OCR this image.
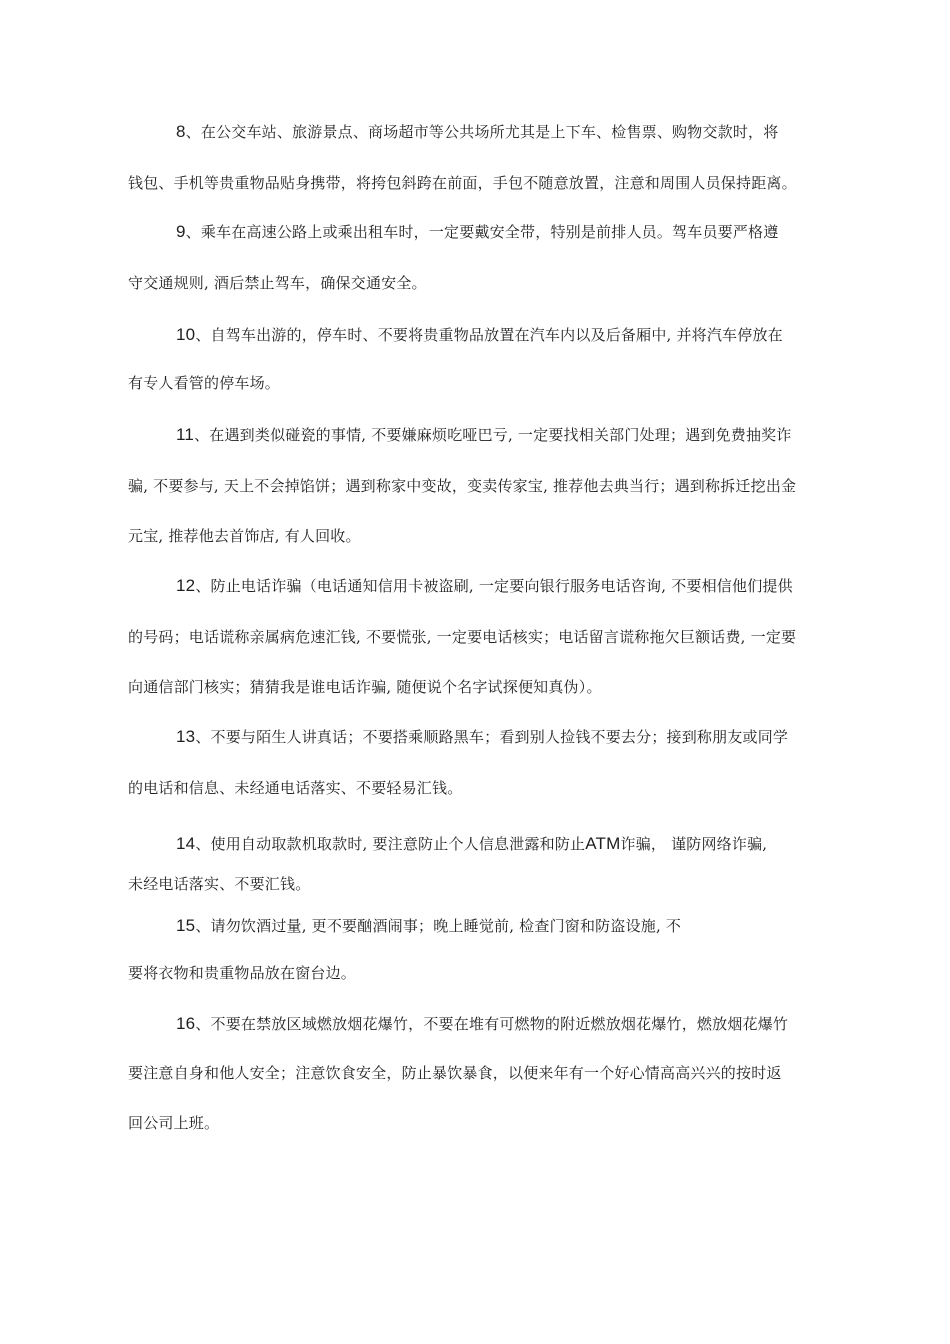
8、在公交车站、旅游景点、商场超市等公共场所尤其是上下车、检售票、购物交款时，将
钱包、手机等贵重物品贴身携带，将挎包斜跨在前面，手包不随意放置，注意和周围人员保持距离。
9、乘车在高速公路上或乘出租车时，一定要戴安全带，特别是前排人员。驾车员要严格遵
守交通规则, 酒后禁止驾车，确保交通安全。
10、自驾车出游的，停车时、不要将贵重物品放置在汽车内以及后备厢中, 并将汽车停放在
有专人看管的停车场。
11、在遇到类似碰瓷的事情, 不要嫌麻烦吃哑巴亏, 一定要找相关部门处理；遇到免费抽奖诈
骗, 不要参与, 天上不会掉馅饼；遇到称家中变故，变卖传家宝, 推荐他去典当行；遇到称拆迁挖出金
元宝, 推荐他去首饰店, 有人回收。
12、防止电话诈骗（电话通知信用卡被盗刷, 一定要向银行服务电话咨询, 不要相信他们提供
的号码；电话谎称亲属病危速汇钱, 不要慌张, 一定要电话核实；电话留言谎称拖欠巨额话费, 一定要
向通信部门核实；猜猜我是谁电话诈骗, 随便说个名字试探便知真伪）。
13、不要与陌生人讲真话；不要搭乘顺路黑车；看到别人捡钱不要去分；接到称朋友或同学
的电话和信息、未经通电话落实、不要轻易汇钱。
14、使用自动取款机取款时, 要注意防止个人信息泄露和防止ATM诈骗， 谨防网络诈骗,
未经电话落实、不要汇钱。
15、请勿饮酒过量, 更不要酗酒闹事；晚上睡觉前, 检查门窗和防盗设施, 不
要将衣物和贵重物品放在窗台边。
16、不要在禁放区域燃放烟花爆竹，不要在堆有可燃物的附近燃放烟花爆竹，燃放烟花爆竹
要注意自身和他人安全；注意饮食安全，防止暴饮暴食，以便来年有一个好心情高高兴兴的按时返
回公司上班。
